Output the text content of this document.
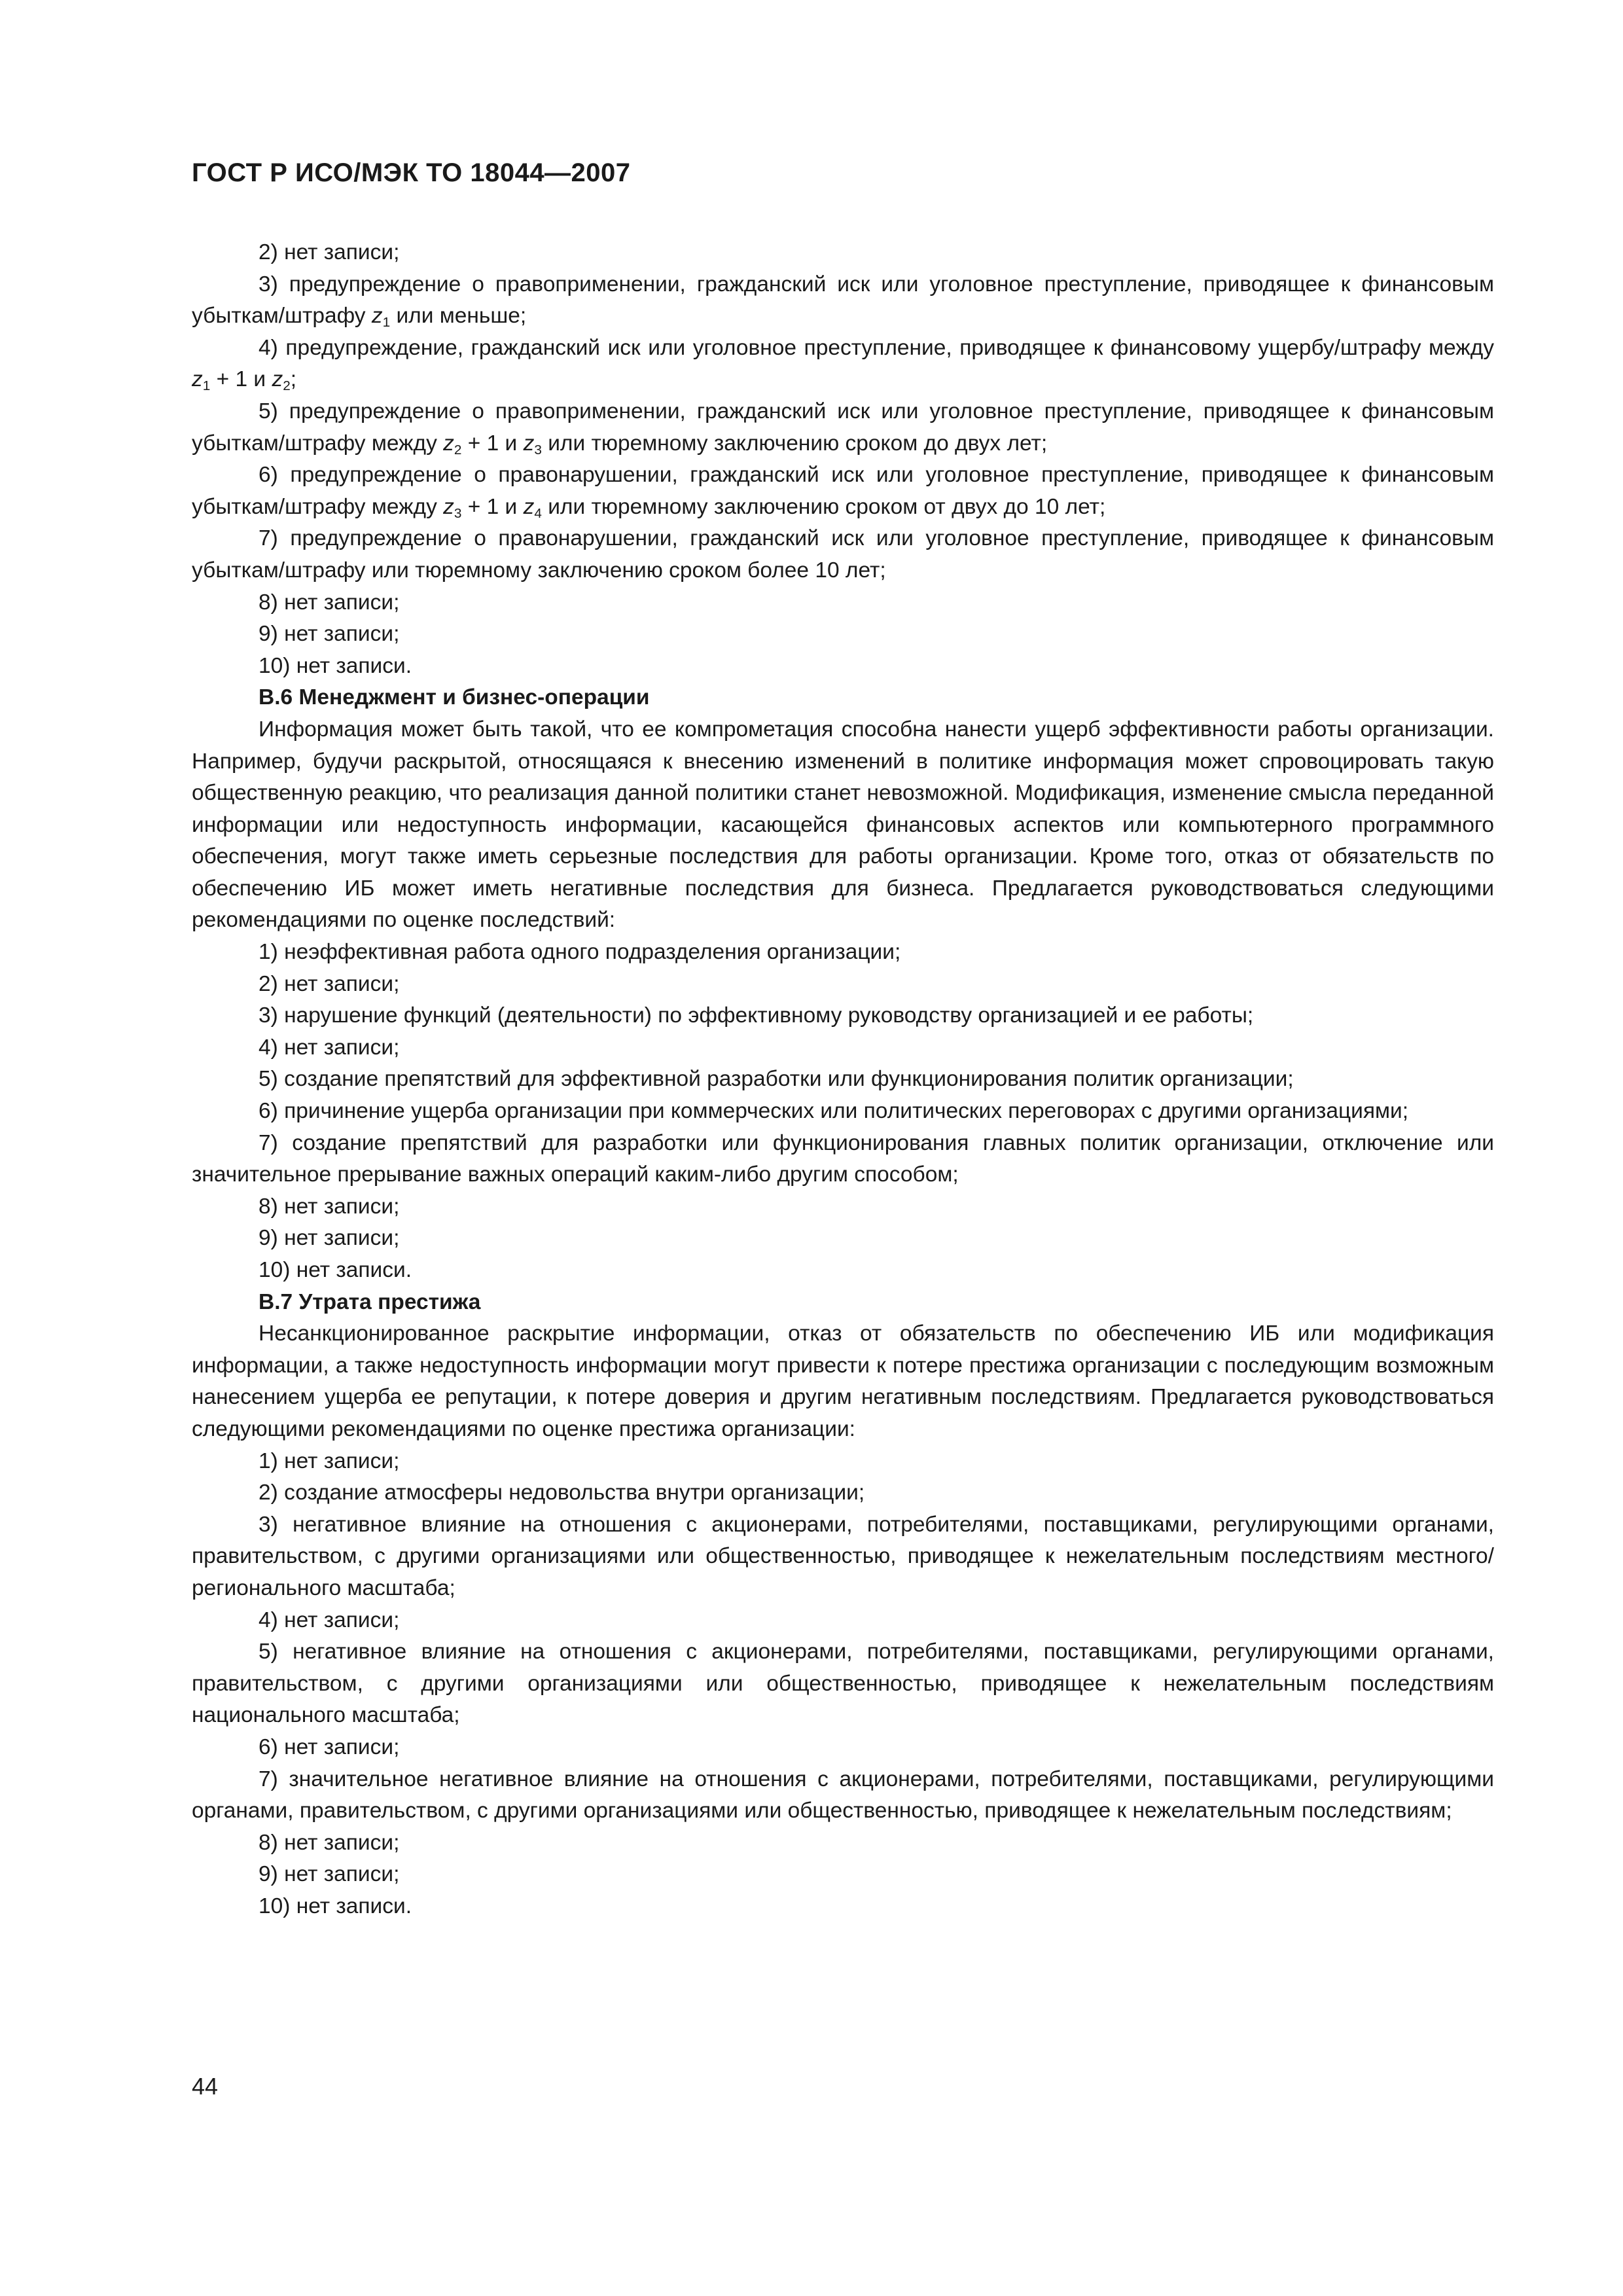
ГОСТ Р ИСО/МЭК ТО 18044—2007

2) нет записи;

3) предупреждение о правоприменении, гражданский иск или уголовное преступление, приводящее к финансовым убыткам/штрафу $z_1$ или меньше;

4) предупреждение, гражданский иск или уголовное преступление, приводящее к финансовому ущербу/штрафу между $z_1 + 1$ и $z_2$;

5) предупреждение о правоприменении, гражданский иск или уголовное преступление, приводящее к финансовым убыткам/штрафу между $z_2 + 1$ и $z_3$ или тюремному заключению сроком до двух лет;

6) предупреждение о правонарушении, гражданский иск или уголовное преступление, приводящее к финансовым убыткам/штрафу между $z_3 + 1$ и $z_4$ или тюремному заключению сроком от двух до 10 лет;

7) предупреждение о правонарушении, гражданский иск или уголовное преступление, приводящее к финансовым убыткам/штрафу или тюремному заключению сроком более 10 лет;

8) нет записи;

9) нет записи;

10) нет записи.

B.6 Менеджмент и бизнес-операции

Информация может быть такой, что ее компрометация способна нанести ущерб эффективности работы организации. Например, будучи раскрытой, относящаяся к внесению изменений в политике информация может спровоцировать такую общественную реакцию, что реализация данной политики станет невозможной. Модификация, изменение смысла переданной информации или недоступность информации, касающейся финансовых аспектов или компьютерного программного обеспечения, могут также иметь серьезные последствия для работы организации. Кроме того, отказ от обязательств по обеспечению ИБ может иметь негативные последствия для бизнеса. Предлагается руководствоваться следующими рекомендациями по оценке последствий:

1) неэффективная работа одного подразделения организации;

2) нет записи;

3) нарушение функций (деятельности) по эффективному руководству организацией и ее работы;

4) нет записи;

5) создание препятствий для эффективной разработки или функционирования политик организации;

6) причинение ущерба организации при коммерческих или политических переговорах с другими организациями;

7) создание препятствий для разработки или функционирования главных политик организации, отключение или значительное прерывание важных операций каким-либо другим способом;

8) нет записи;

9) нет записи;

10) нет записи.

B.7 Утрата престижа

Несанкционированное раскрытие информации, отказ от обязательств по обеспечению ИБ или модификация информации, а также недоступность информации могут привести к потере престижа организации с последующим возможным нанесением ущерба ее репутации, к потере доверия и другим негативным последствиям. Предлагается руководствоваться следующими рекомендациями по оценке престижа организации:

1) нет записи;

2) создание атмосферы недовольства внутри организации;

3) негативное влияние на отношения с акционерами, потребителями, поставщиками, регулирующими органами, правительством, с другими организациями или общественностью, приводящее к нежелательным последствиям местного/регионального масштаба;

4) нет записи;

5) негативное влияние на отношения с акционерами, потребителями, поставщиками, регулирующими органами, правительством, с другими организациями или общественностью, приводящее к нежелательным последствиям национального масштаба;

6) нет записи;

7) значительное негативное влияние на отношения с акционерами, потребителями, поставщиками, регулирующими органами, правительством, с другими организациями или общественностью, приводящее к нежелательным последствиям;

8) нет записи;

9) нет записи;

10) нет записи.

44
